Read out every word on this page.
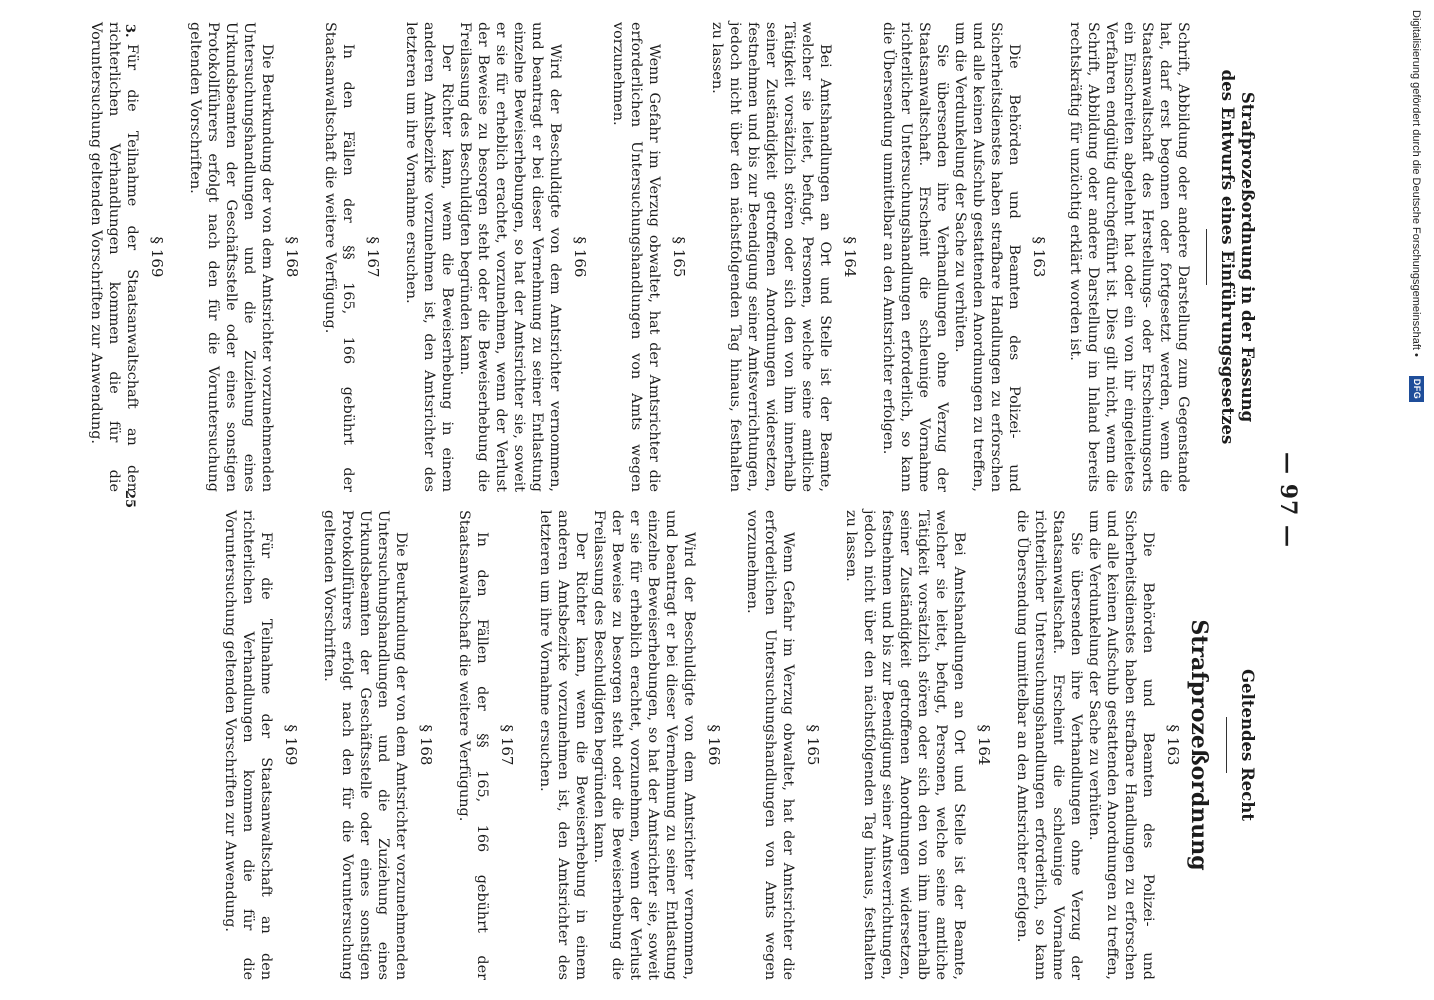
— 97 —

Strafprozeßordnung in der Fassung

des Entwurfs eines Einführungsgesetzes

Schrift, Abbildung oder andere Darstellung zum Gegenstande hat, darf erst begonnen oder fortgesetzt werden, wenn die Staatsanwaltschaft des Herstellungs- oder Erscheinungsorts ein Einschreiten abgelehnt hat oder ein von ihr eingeleitetes Verfahren endgültig durchgeführt ist. Dies gilt nicht, wenn die Schrift, Abbildung oder andere Darstellung im Inland bereits rechtskräftig für unzüchtig erklärt worden ist.

§ 163

Die Behörden und Beamten des Polizei- und Sicherheitsdienstes haben strafbare Handlungen zu erforschen und alle keinen Aufschub gestattenden Anordnungen zu treffen, um die Verdunkelung der Sache zu verhüten.

Sie übersenden ihre Verhandlungen ohne Verzug der Staatsanwaltschaft. Erscheint die schleunige Vornahme richterlicher Untersuchungshandlungen erforderlich, so kann die Übersendung unmittelbar an den Amtsrichter erfolgen.

§ 164

Bei Amtshandlungen an Ort und Stelle ist der Beamte, welcher sie leitet, befugt, Personen, welche seine amtliche Tätigkeit vorsätzlich stören oder sich den von ihm innerhalb seiner Zuständigkeit getroffenen Anordnungen widersetzen, festnehmen und bis zur Beendigung seiner Amtsverrichtungen, jedoch nicht über den nächstfolgenden Tag hinaus, festhalten zu lassen.

§ 165

Wenn Gefahr im Verzug obwaltet, hat der Amtsrichter die erforderlichen Untersuchungshandlungen von Amts wegen vorzunehmen.

§ 166

Wird der Beschuldigte von dem Amtsrichter vernommen, und beantragt er bei dieser Vernehmung zu seiner Entlastung einzelne Beweiserhebungen, so hat der Amtsrichter sie, soweit er sie für erheblich erachtet, vorzunehmen, wenn der Verlust der Beweise zu besorgen steht oder die Beweiserhebung die Freilassung des Beschuldigten begründen kann.

Der Richter kann, wenn die Beweiserhebung in einem anderen Amtsbezirke vorzunehmen ist, den Amtsrichter des letzteren um ihre Vornahme ersuchen.

§ 167

In den Fällen der §§ 165, 166 gebührt der Staatsanwaltschaft die weitere Verfügung.

§ 168

Die Beurkundung der von dem Amtsrichter vorzunehmenden Untersuchungshandlungen und die Zuziehung eines Urkundsbeamten der Geschäftsstelle oder eines sonstigen Protokollführers erfolgt nach den für die Voruntersuchung geltenden Vorschriften.

§ 169

Für die Teilnahme der Staatsanwaltschaft an den richterlichen Verhandlungen kommen die für die Voruntersuchung geltenden Vorschriften zur Anwendung.

Geltendes Recht

Strafprozeßordnung
§ 163

Die Behörden und Beamten des Polizei- und Sicherheitsdienstes haben strafbare Handlungen zu erforschen und alle keinen Aufschub gestattenden Anordnungen zu treffen, um die Verdunkelung der Sache zu verhüten.

Sie übersenden ihre Verhandlungen ohne Verzug der Staatsanwaltschaft. Erscheint die schleunige Vornahme richterlicher Untersuchungshandlungen erforderlich, so kann die Übersendung unmittelbar an den Amtsrichter erfolgen.

§ 164

Bei Amtshandlungen an Ort und Stelle ist der Beamte, welcher sie leitet, befugt, Personen, welche seine amtliche Tätigkeit vorsätzlich stören oder sich den von ihm innerhalb seiner Zuständigkeit getroffenen Anordnungen widersetzen, festnehmen und bis zur Beendigung seiner Amtsverrichtungen, jedoch nicht über den nächstfolgenden Tag hinaus, festhalten zu lassen.

§ 165

Wenn Gefahr im Verzug obwaltet, hat der Amtsrichter die erforderlichen Untersuchungshandlungen von Amts wegen vorzunehmen.

§ 166

Wird der Beschuldigte von dem Amtsrichter vernommen, und beantragt er bei dieser Vernehmung zu seiner Entlastung einzelne Beweiserhebungen, so hat der Amtsrichter sie, soweit er sie für erheblich erachtet, vorzunehmen, wenn der Verlust der Beweise zu besorgen steht oder die Beweiserhebung die Freilassung des Beschuldigten begründen kann.

Der Richter kann, wenn die Beweiserhebung in einem anderen Amtsbezirke vorzunehmen ist, den Amtsrichter des letzteren um ihre Vornahme ersuchen.

§ 167

In den Fällen der §§ 165, 166 gebührt der Staatsanwaltschaft die weitere Verfügung.

§ 168

Die Beurkundung der von dem Amtsrichter vorzunehmenden Untersuchungshandlungen und die Zuziehung eines Urkundsbeamten der Geschäftsstelle oder eines sonstigen Protokollführers erfolgt nach den für die Voruntersuchung geltenden Vorschriften.

§ 169

Für die Teilnahme der Staatsanwaltschaft an den richterlichen Verhandlungen kommen die für die Voruntersuchung geltenden Vorschriften zur Anwendung.

3.
25
Digitalisierung gefördert durch die Deutsche Forschungsgemeinschaft •
DFG
